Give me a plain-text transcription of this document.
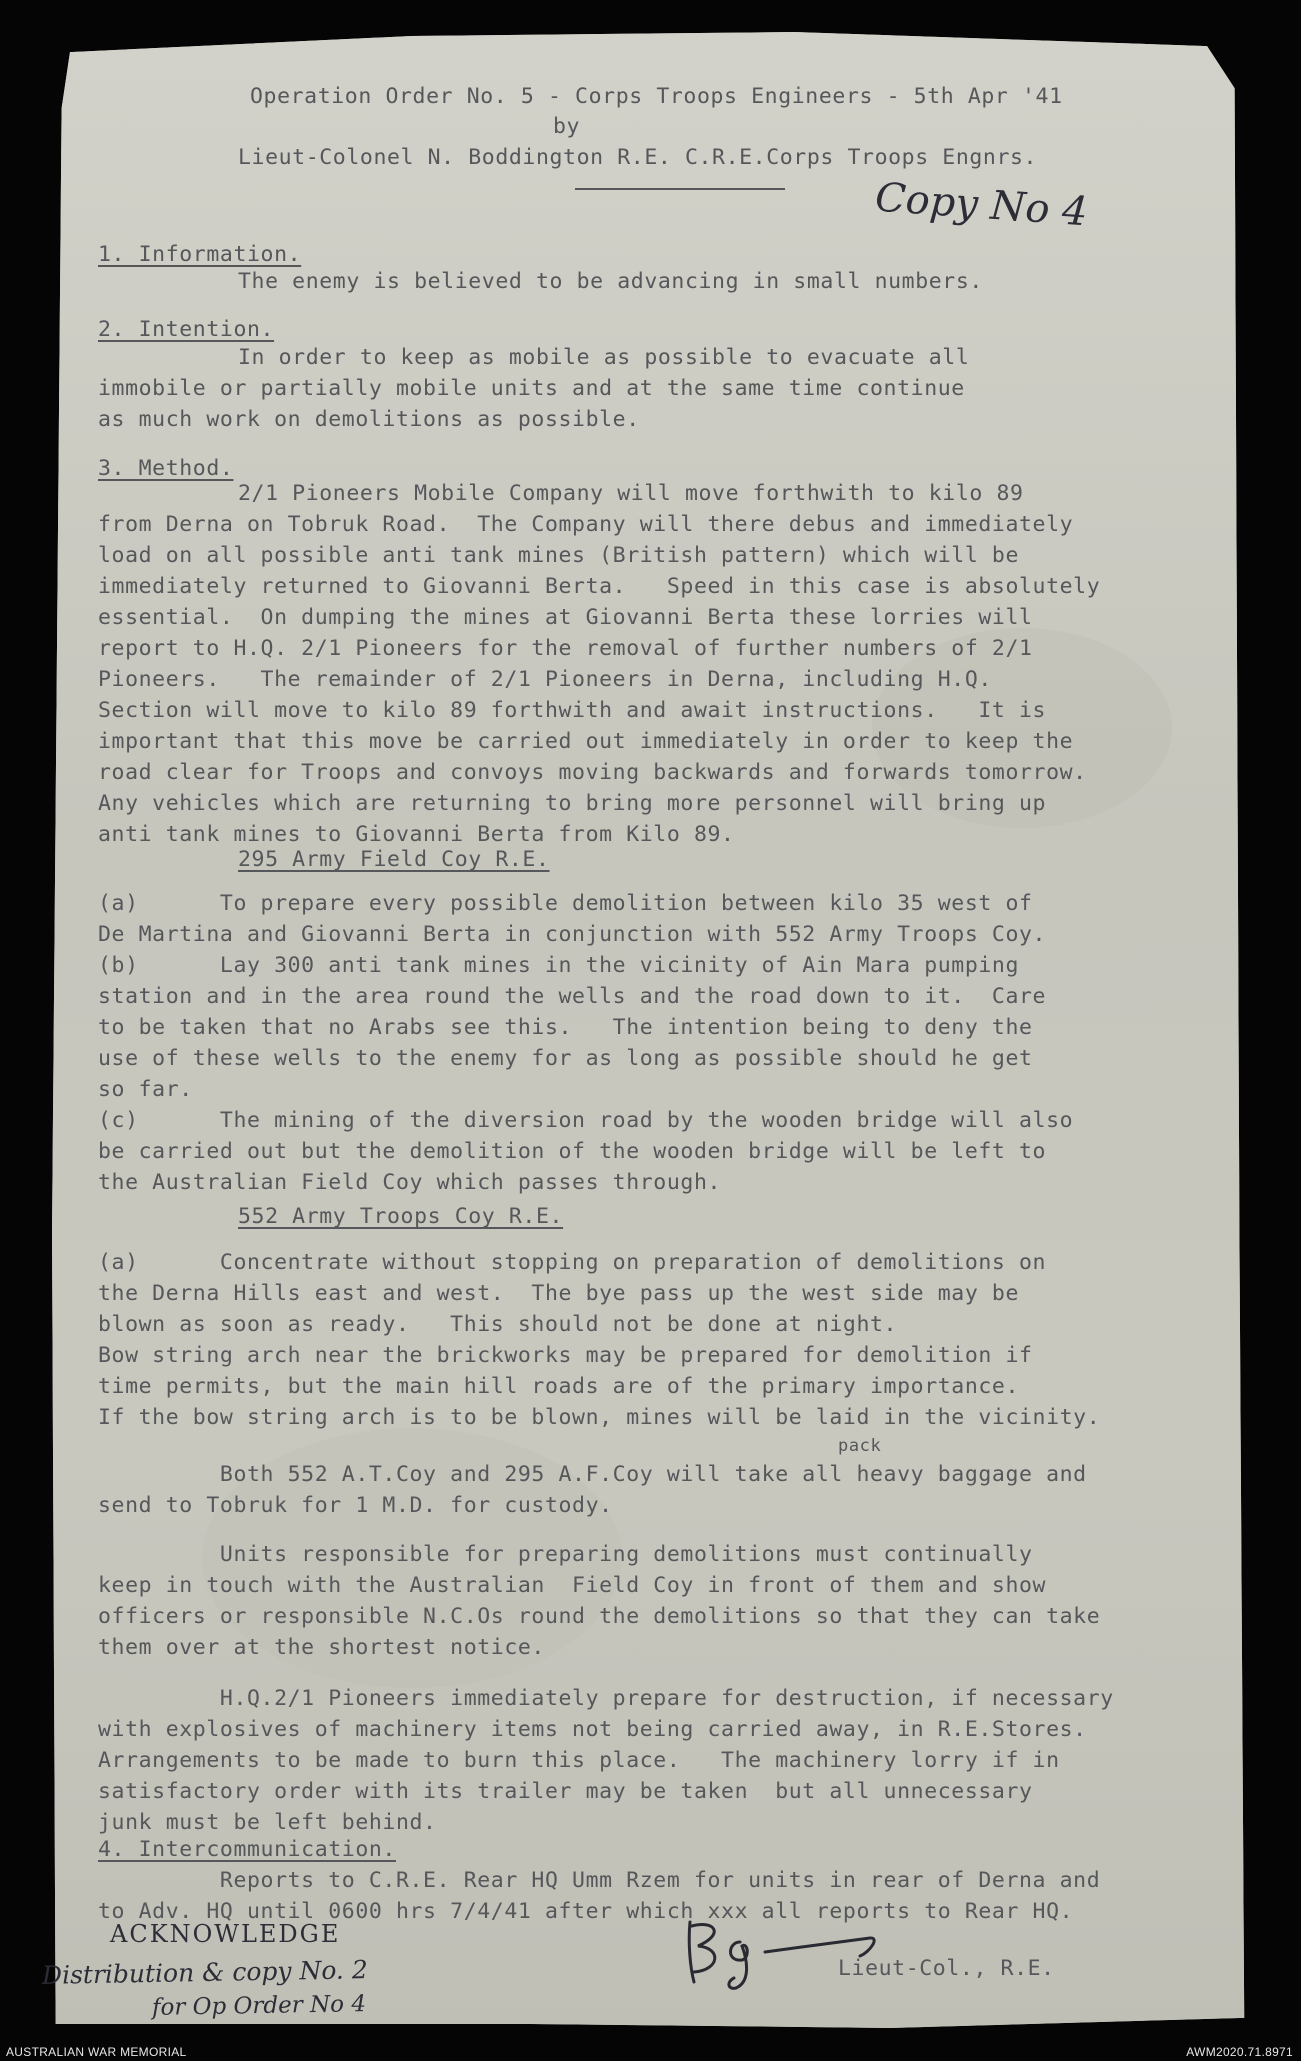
Operation Order No. 5 - Corps Troops Engineers - 5th Apr '41
by
Lieut-Colonel N. Boddington R.E. C.R.E.Corps Troops Engnrs.
Copy No 4
1. Information.
The enemy is believed to be advancing in small numbers.
2. Intention.
In order to keep as mobile as possible to evacuate all
immobile or partially mobile units and at the same time continue
as much work on demolitions as possible.
3. Method.
2/1 Pioneers Mobile Company will move forthwith to kilo 89
from Derna on Tobruk Road.  The Company will there debus and immediately
load on all possible anti tank mines (British pattern) which will be
immediately returned to Giovanni Berta.   Speed in this case is absolutely
essential.  On dumping the mines at Giovanni Berta these lorries will
report to H.Q. 2/1 Pioneers for the removal of further numbers of 2/1
Pioneers.   The remainder of 2/1 Pioneers in Derna, including H.Q.
Section will move to kilo 89 forthwith and await instructions.   It is
important that this move be carried out immediately in order to keep the
road clear for Troops and convoys moving backwards and forwards tomorrow.
Any vehicles which are returning to bring more personnel will bring up
anti tank mines to Giovanni Berta from Kilo 89.
295 Army Field Coy R.E.
(a)      To prepare every possible demolition between kilo 35 west of
De Martina and Giovanni Berta in conjunction with 552 Army Troops Coy.
(b)      Lay 300 anti tank mines in the vicinity of Ain Mara pumping
station and in the area round the wells and the road down to it.  Care
to be taken that no Arabs see this.   The intention being to deny the
use of these wells to the enemy for as long as possible should he get
so far.
(c)      The mining of the diversion road by the wooden bridge will also
be carried out but the demolition of the wooden bridge will be left to
the Australian Field Coy which passes through.
552 Army Troops Coy R.E.
(a)      Concentrate without stopping on preparation of demolitions on
the Derna Hills east and west.  The bye pass up the west side may be
blown as soon as ready.   This should not be done at night.
Bow string arch near the brickworks may be prepared for demolition if
time permits, but the main hill roads are of the primary importance.
If the bow string arch is to be blown, mines will be laid in the vicinity.
pack
Both 552 A.T.Coy and 295 A.F.Coy will take all heavy baggage and
send to Tobruk for 1 M.D. for custody.
Units responsible for preparing demolitions must continually
keep in touch with the Australian  Field Coy in front of them and show
officers or responsible N.C.Os round the demolitions so that they can take
them over at the shortest notice.
H.Q.2/1 Pioneers immediately prepare for destruction, if necessary
with explosives of machinery items not being carried away, in R.E.Stores.
Arrangements to be made to burn this place.   The machinery lorry if in
satisfactory order with its trailer may be taken  but all unnecessary
junk must be left behind.
4. Intercommunication.
Reports to C.R.E. Rear HQ Umm Rzem for units in rear of Derna and
to Adv. HQ until 0600 hrs 7/4/41 after which xxx all reports to Rear HQ.
Lieut-Col., R.E.
ACKNOWLEDGE
Distribution & copy No. 2
for Op Order No 4
AUSTRALIAN WAR MEMORIAL	AWM2020.71.8971
